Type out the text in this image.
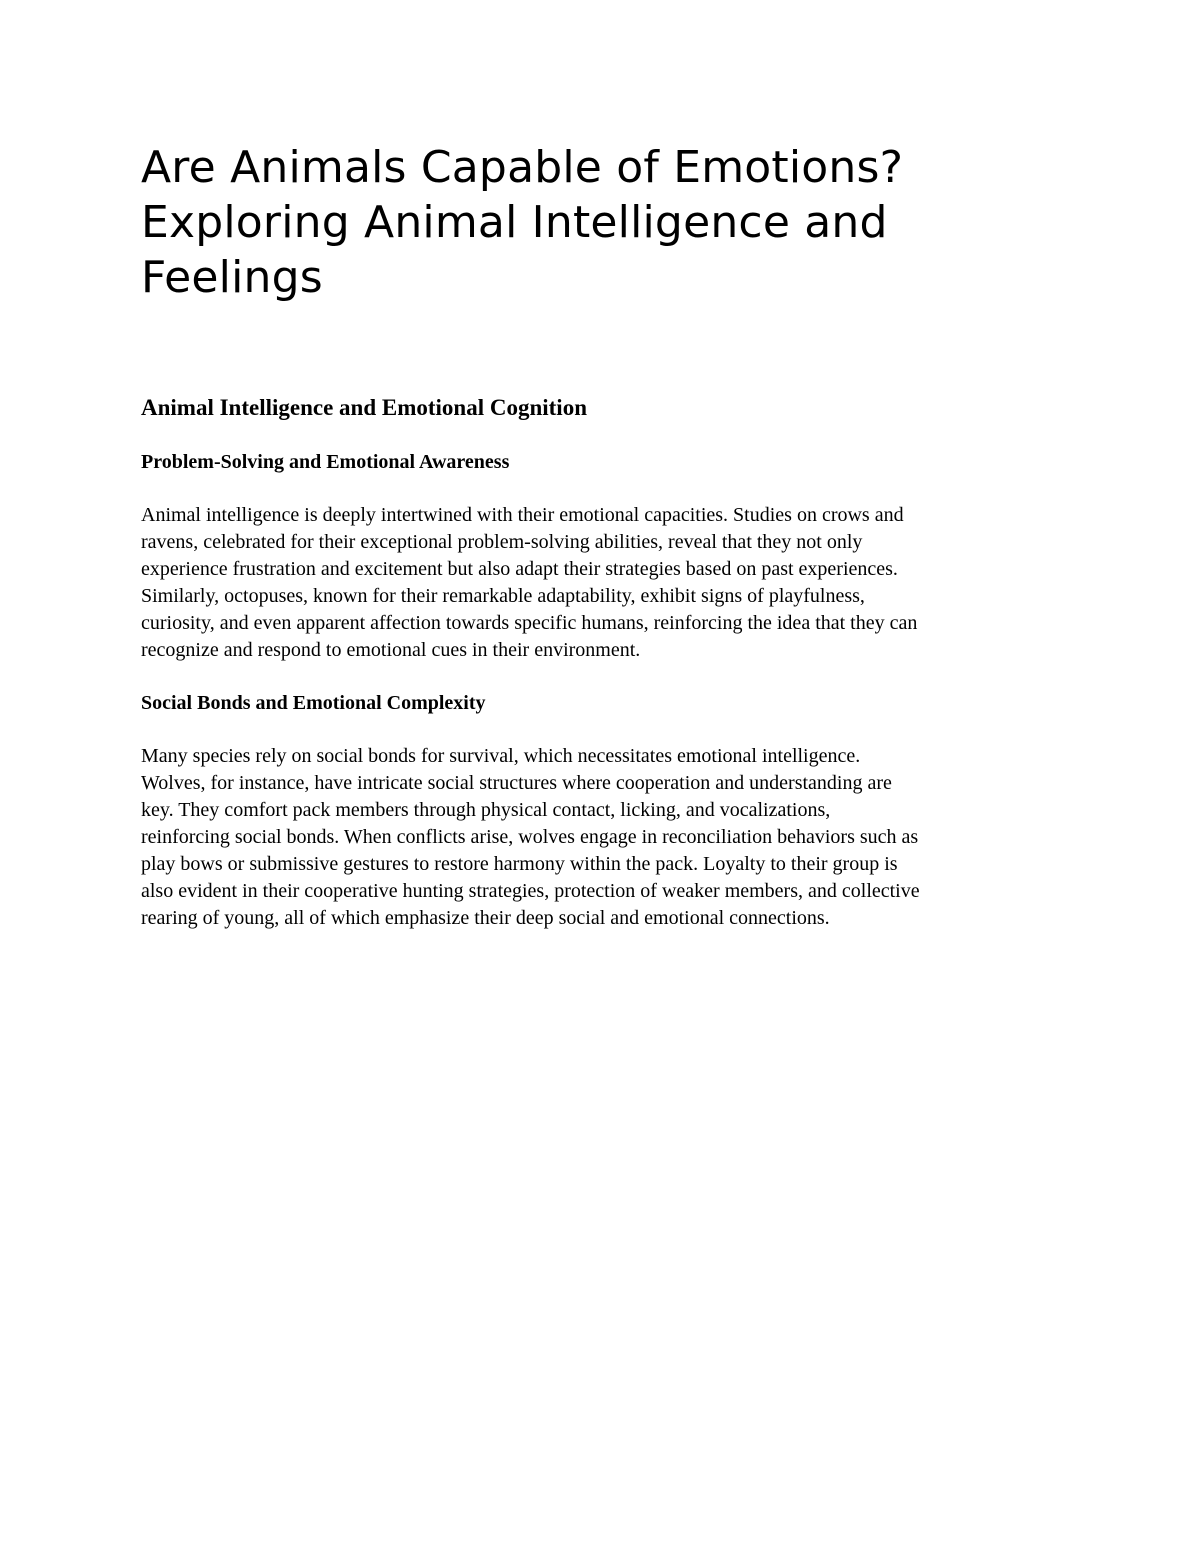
Are Animals Capable of Emotions?
Exploring Animal Intelligence and
Feelings
Animal Intelligence and Emotional Cognition
Problem-Solving and Emotional Awareness

Animal intelligence is deeply intertwined with their emotional capacities. Studies on crows and
ravens, celebrated for their exceptional problem-solving abilities, reveal that they not only
experience frustration and excitement but also adapt their strategies based on past experiences.
Similarly, octopuses, known for their remarkable adaptability, exhibit signs of playfulness,
curiosity, and even apparent affection towards specific humans, reinforcing the idea that they can
recognize and respond to emotional cues in their environment.

Social Bonds and Emotional Complexity

Many species rely on social bonds for survival, which necessitates emotional intelligence.
Wolves, for instance, have intricate social structures where cooperation and understanding are
key. They comfort pack members through physical contact, licking, and vocalizations,
reinforcing social bonds. When conflicts arise, wolves engage in reconciliation behaviors such as
play bows or submissive gestures to restore harmony within the pack. Loyalty to their group is
also evident in their cooperative hunting strategies, protection of weaker members, and collective
rearing of young, all of which emphasize their deep social and emotional connections.
